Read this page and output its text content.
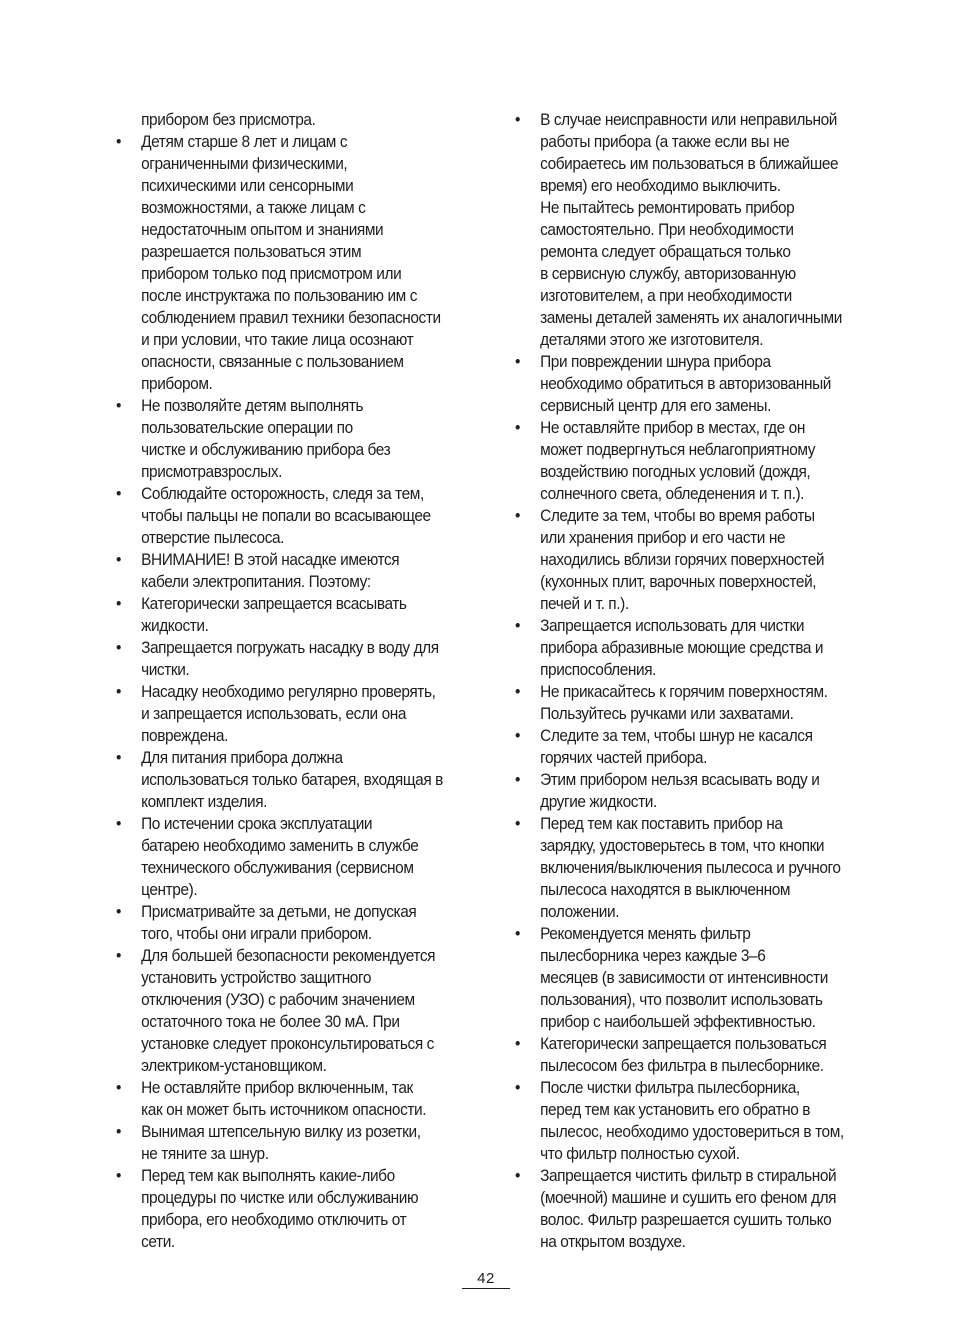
прибором без присмотра.

•	Детям старше 8 лет и лицам с
ограниченными физическими,
психическими или сенсорными
возможностями, а также лицам с
недостаточным опытом и знаниями
разрешается пользоваться этим
прибором только под присмотром или
после инструктажа по пользованию им с
соблюдением правил техники безопасности
и при условии, что такие лица осознают
опасности, связанные с пользованием
прибором.

•	Не позволяйте детям выполнять
пользовательские операции по
чистке и обслуживанию прибора без
присмотравзрослых.

•	Соблюдайте осторожность, следя за тем,
чтобы пальцы не попали во всасывающее
отверстие пылесоса.

•	ВНИМАНИЕ! В этой насадке имеются
кабели электропитания. Поэтому:

•	Категорически запрещается всасывать
жидкости.

•	Запрещается погружать насадку в воду для
чистки.

•	Насадку необходимо регулярно проверять,
и запрещается использовать, если она
повреждена.

•	Для питания прибора должна
использоваться только батарея, входящая в
комплект изделия.

•	По истечении срока эксплуатации
батарею необходимо заменить в службе
технического обслуживания (сервисном
центре).

•	Присматривайте за детьми, не допуская
того, чтобы они играли прибором.

•	Для большей безопасности рекомендуется
установить устройство защитного
отключения (УЗО) с рабочим значением
остаточного тока не более 30 мА. При
установке следует проконсультироваться с
электриком-установщиком.

•	Не оставляйте прибор включенным, так
как он может быть источником опасности.

•	Вынимая штепсельную вилку из розетки,
не тяните за шнур.

•	Перед тем как выполнять какие-либо
процедуры по чистке или обслуживанию
прибора, его необходимо отключить от
сети.

•	В случае неисправности или неправильной
работы прибора (а также если вы не
собираетесь им пользоваться в ближайшее
время) его необходимо выключить.
Не пытайтесь ремонтировать прибор
самостоятельно. При необходимости
ремонта следует обращаться только
в сервисную службу, авторизованную
изготовителем, а при необходимости
замены деталей заменять их аналогичными
деталями этого же изготовителя.

•	При повреждении шнура прибора
необходимо обратиться в авторизованный
сервисный центр для его замены.

•	Не оставляйте прибор в местах, где он
может подвергнуться неблагоприятному
воздействию погодных условий (дождя,
солнечного света, обледенения и т. п.).

•	Следите за тем, чтобы во время работы
или хранения прибор и его части не
находились вблизи горячих поверхностей
(кухонных плит, варочных поверхностей,
печей и т. п.).

•	Запрещается использовать для чистки
прибора абразивные моющие средства и
приспособления.

•	Не прикасайтесь к горячим поверхностям.
Пользуйтесь ручками или захватами.

•	Следите за тем, чтобы шнур не касался
горячих частей прибора.

•	Этим прибором нельзя всасывать воду и
другие жидкости.

•	Перед тем как поставить прибор на
зарядку, удостоверьтесь в том, что кнопки
включения/выключения пылесоса и ручного
пылесоса находятся в выключенном
положении.

•	Рекомендуется менять фильтр
пылесборника через каждые 3–6
месяцев (в зависимости от интенсивности
пользования), что позволит использовать
прибор с наибольшей эффективностью.

•	Категорически запрещается пользоваться
пылесосом без фильтра в пылесборнике.

•	После чистки фильтра пылесборника,
перед тем как установить его обратно в
пылесос, необходимо удостовериться в том,
что фильтр полностью сухой.

•	Запрещается чистить фильтр в стиральной
(моечной) машине и сушить его феном для
волос. Фильтр разрешается сушить только
на открытом воздухе.

42
